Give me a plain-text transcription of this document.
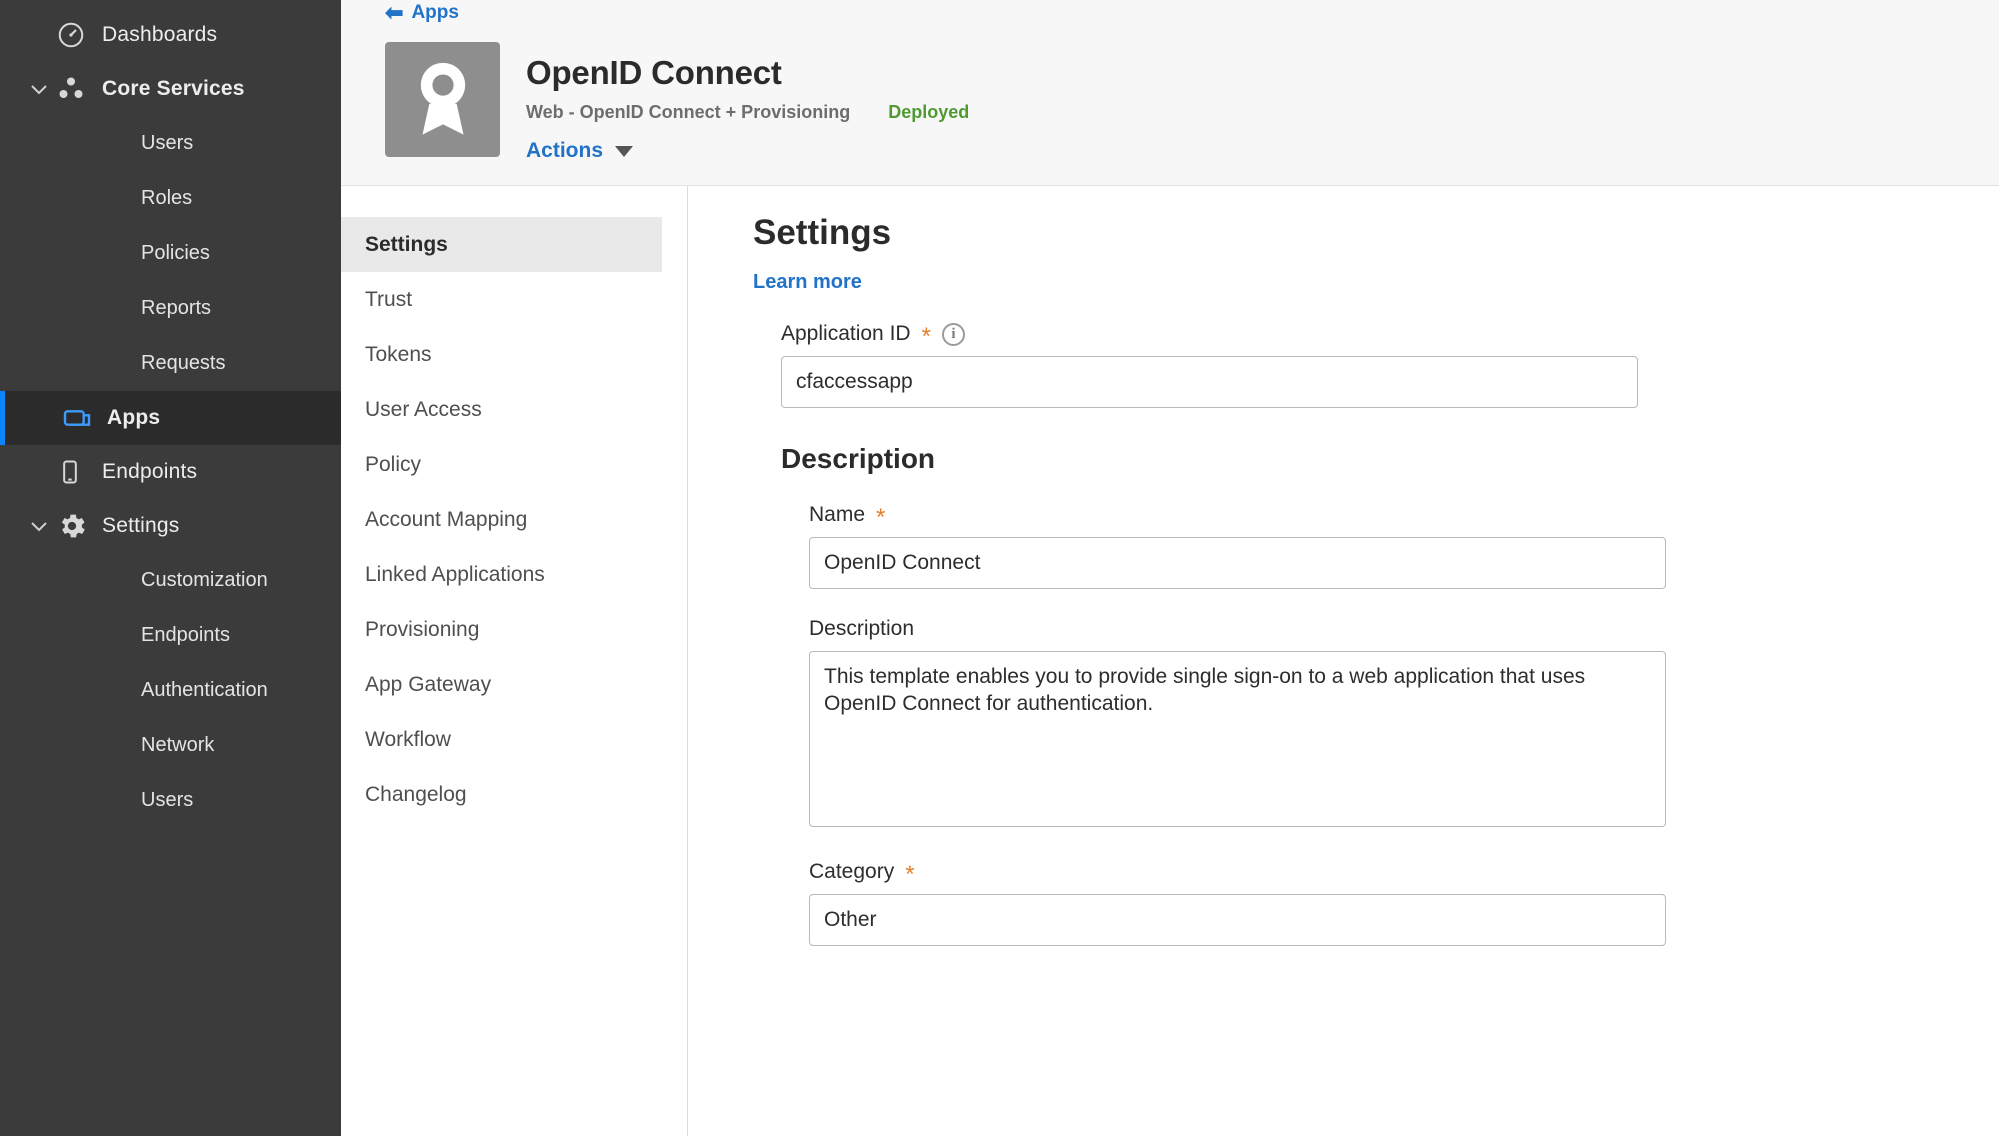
Dashboards
Core Services
Users
Roles
Policies
Reports
Requests
Apps
Endpoints
Settings
Customization
Endpoints
Authentication
Network
Users
⬅ Apps
OpenID Connect
Web - OpenID Connect + Provisioning Deployed
Actions
Settings
Trust
Tokens
User Access
Policy
Account Mapping
Linked Applications
Provisioning
App Gateway
Workflow
Changelog
Settings
Learn more
Application ID *	i
cfaccessapp
Description
Name *
OpenID Connect
Description
This template enables you to provide single sign-on to a web application that uses OpenID Connect for authentication.
Category *
Other
